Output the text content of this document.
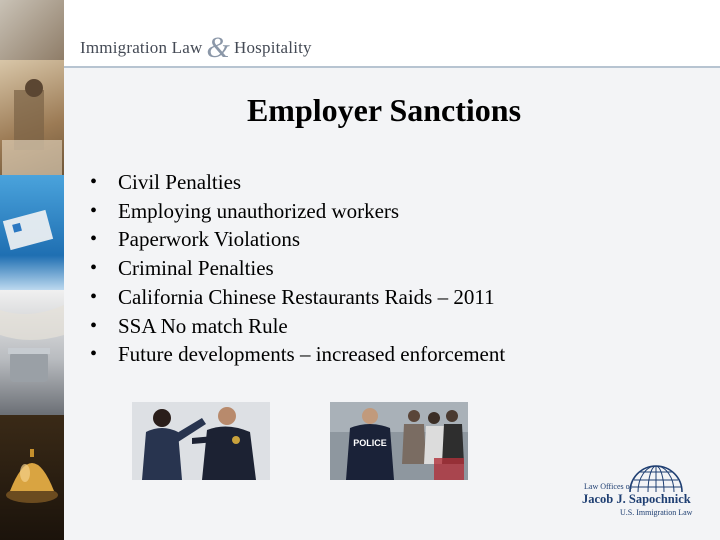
Immigration Law & Hospitality
Employer Sanctions
• Civil Penalties
• Employing unauthorized workers
• Paperwork Violations
• Criminal Penalties
• California Chinese Restaurants Raids – 2011
• SSA No match Rule
• Future developments – increased enforcement
POLICE
Law Offices of
Jacob J. Sapochnick
U.S. Immigration Law
